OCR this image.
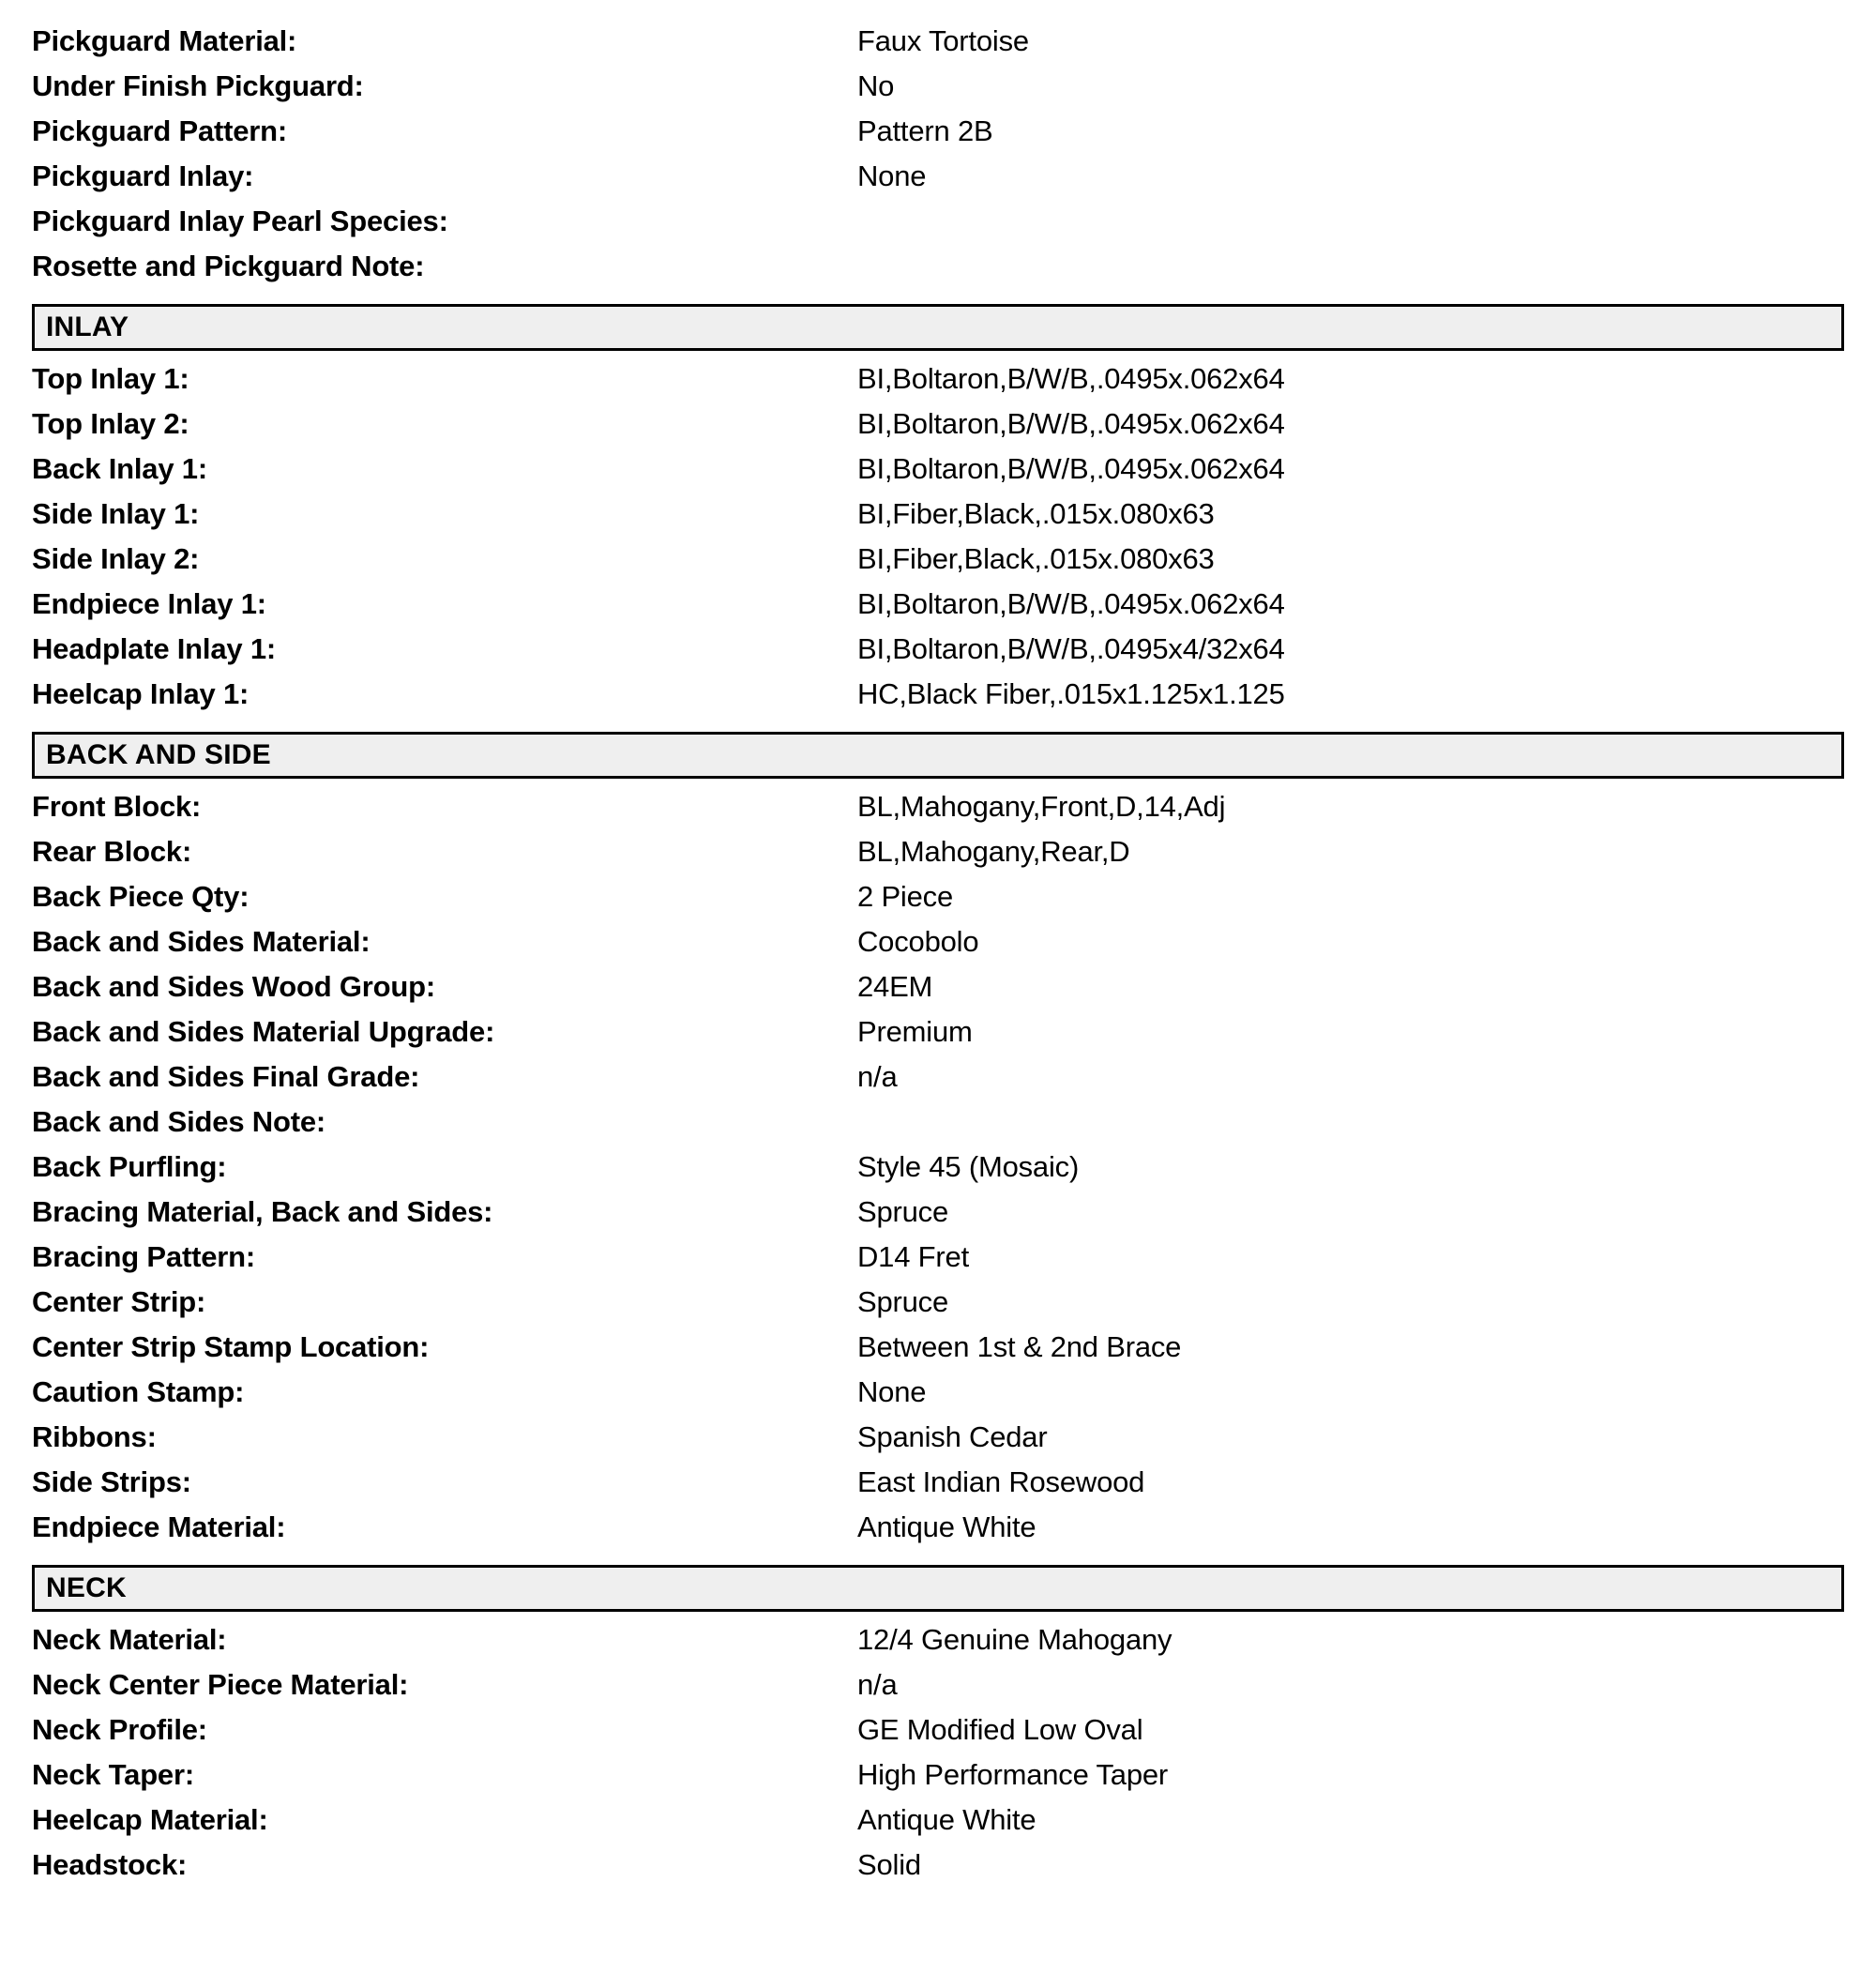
Pickguard Material:	Faux Tortoise
Under Finish Pickguard:	No
Pickguard Pattern:	Pattern 2B
Pickguard Inlay:	None
Pickguard Inlay Pearl Species:
Rosette and Pickguard Note:
INLAY
Top Inlay 1:	BI,Boltaron,B/W/B,.0495x.062x64
Top Inlay 2:	BI,Boltaron,B/W/B,.0495x.062x64
Back Inlay 1:	BI,Boltaron,B/W/B,.0495x.062x64
Side Inlay 1:	BI,Fiber,Black,.015x.080x63
Side Inlay 2:	BI,Fiber,Black,.015x.080x63
Endpiece Inlay 1:	BI,Boltaron,B/W/B,.0495x.062x64
Headplate Inlay 1:	BI,Boltaron,B/W/B,.0495x4/32x64
Heelcap Inlay 1:	HC,Black Fiber,.015x1.125x1.125
BACK AND SIDE
Front Block:	BL,Mahogany,Front,D,14,Adj
Rear Block:	BL,Mahogany,Rear,D
Back Piece Qty:	2 Piece
Back and Sides Material:	Cocobolo
Back and Sides Wood Group:	24EM
Back and Sides Material Upgrade:	Premium
Back and Sides Final Grade:	n/a
Back and Sides Note:
Back Purfling:	Style 45 (Mosaic)
Bracing Material, Back and Sides:	Spruce
Bracing Pattern:	D14 Fret
Center Strip:	Spruce
Center Strip Stamp Location:	Between 1st & 2nd Brace
Caution Stamp:	None
Ribbons:	Spanish Cedar
Side Strips:	East Indian Rosewood
Endpiece Material:	Antique White
NECK
Neck Material:	12/4 Genuine Mahogany
Neck Center Piece Material:	n/a
Neck Profile:	GE Modified Low Oval
Neck Taper:	High Performance Taper
Heelcap Material:	Antique White
Headstock:	Solid
